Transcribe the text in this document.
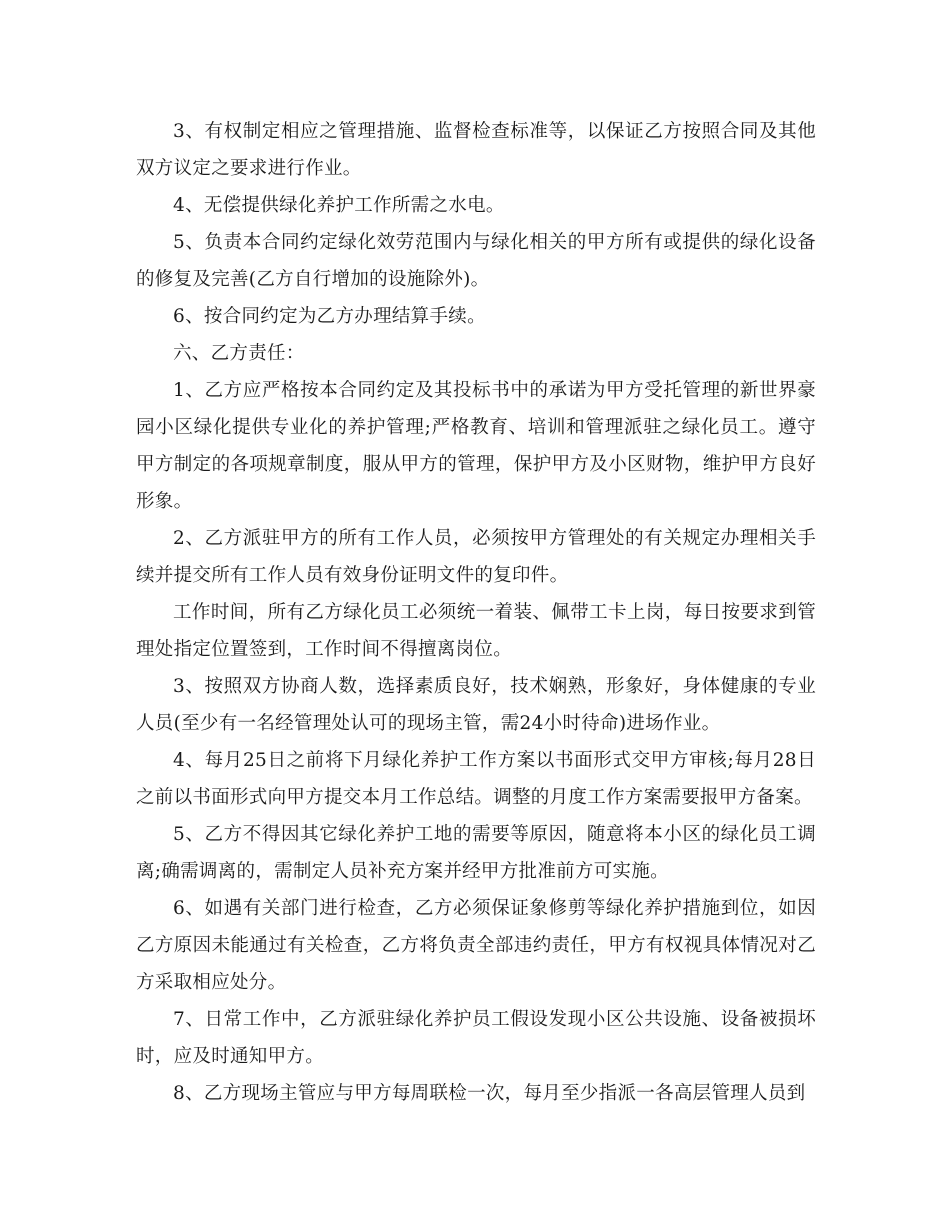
3、有权制定相应之管理措施、监督检查标准等，以保证乙方按照合同及其他双方议定之要求进行作业。

4、无偿提供绿化养护工作所需之水电。

5、负责本合同约定绿化效劳范围内与绿化相关的甲方所有或提供的绿化设备的修复及完善(乙方自行增加的设施除外)。

6、按合同约定为乙方办理结算手续。

六、乙方责任：

1、乙方应严格按本合同约定及其投标书中的承诺为甲方受托管理的新世界豪园小区绿化提供专业化的养护管理;严格教育、培训和管理派驻之绿化员工。遵守甲方制定的各项规章制度，服从甲方的管理，保护甲方及小区财物，维护甲方良好形象。

2、乙方派驻甲方的所有工作人员，必须按甲方管理处的有关规定办理相关手续并提交所有工作人员有效身份证明文件的复印件。

工作时间，所有乙方绿化员工必须统一着装、佩带工卡上岗，每日按要求到管理处指定位置签到，工作时间不得擅离岗位。

3、按照双方协商人数，选择素质良好，技术娴熟，形象好，身体健康的专业人员(至少有一名经管理处认可的现场主管，需24小时待命)进场作业。

4、每月25日之前将下月绿化养护工作方案以书面形式交甲方审核;每月28日之前以书面形式向甲方提交本月工作总结。调整的月度工作方案需要报甲方备案。

5、乙方不得因其它绿化养护工地的需要等原因，随意将本小区的绿化员工调离;确需调离的，需制定人员补充方案并经甲方批准前方可实施。

6、如遇有关部门进行检查，乙方必须保证象修剪等绿化养护措施到位，如因乙方原因未能通过有关检查，乙方将负责全部违约责任，甲方有权视具体情况对乙方采取相应处分。

7、日常工作中，乙方派驻绿化养护员工假设发现小区公共设施、设备被损坏时，应及时通知甲方。

8、乙方现场主管应与甲方每周联检一次，每月至少指派一各高层管理人员到
